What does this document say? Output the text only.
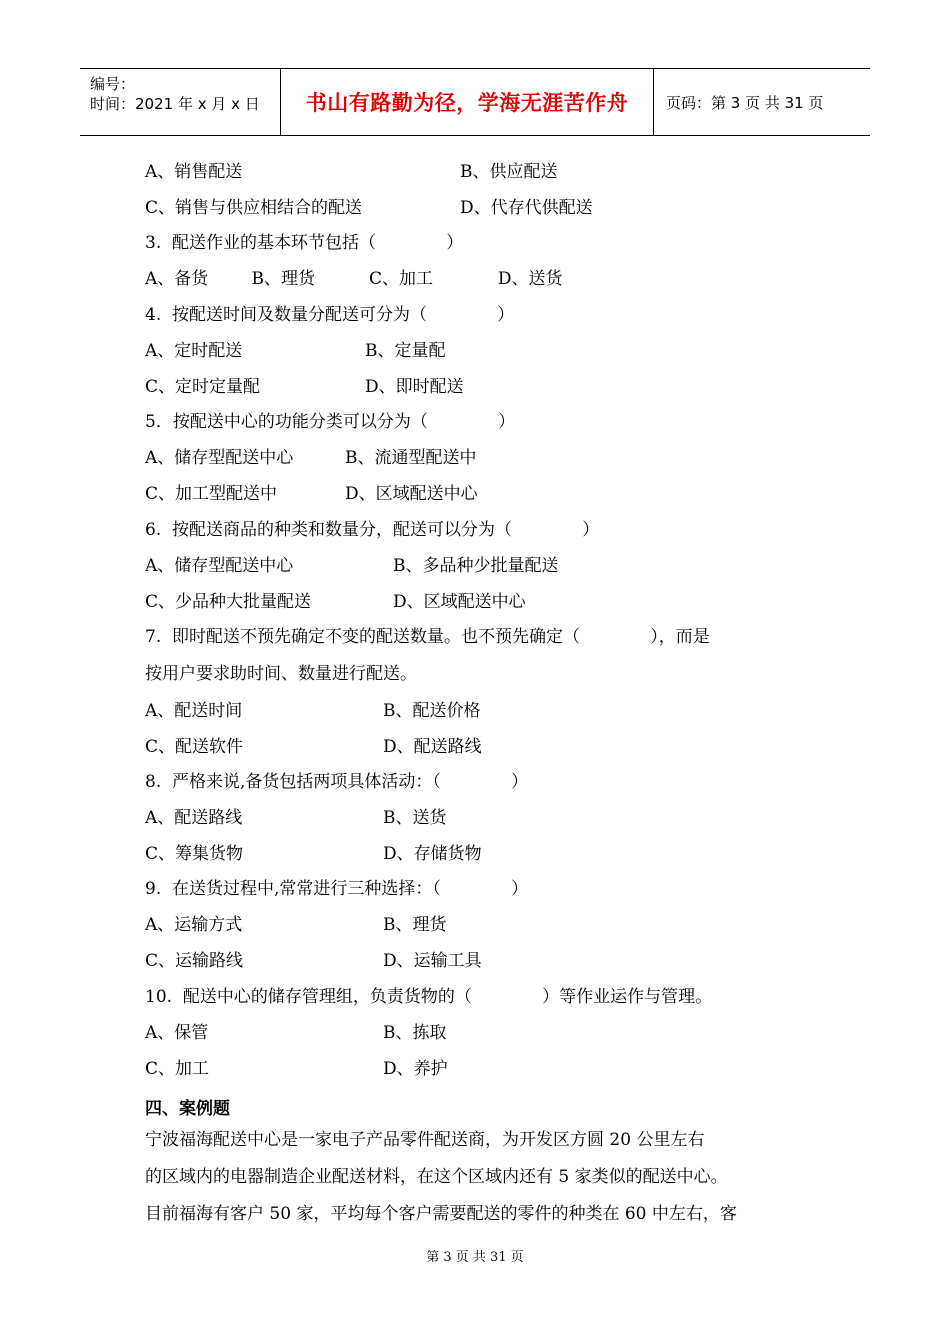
编号：
时间：2021 年 x 月 x 日 书山有路勤为径，学海无涯苦作舟	页码：第 3 页 共 31 页
A、销售配送	B、供应配送
C、销售与供应相结合的配送	D、代存代供配送
3.  配送作业的基本环节包括（             ）
A、备货        B、理货          C、加工            D、送货
4.  按配送时间及数量分配送可分为（             ）
A、定时配送	B、定量配
C、定时定量配	D、即时配送
5．按配送中心的功能分类可以分为（             ）
A、储存型配送中心	B、流通型配送中
C、加工型配送中	D、区域配送中心
6.  按配送商品的种类和数量分，配送可以分为（             ）
A、储存型配送中心	B、多品种少批量配送
C、少品种大批量配送	D、区域配送中心
7.  即时配送不预先确定不变的配送数量。也不预先确定（             ），而是
按用户要求助时间、数量进行配送。
A、配送时间	B、配送价格
C、配送软件	D、配送路线
8.  严格来说,备货包括两项具体活动：（             ）
A、配送路线	B、送货
C、筹集货物	D、存储货物
9.  在送货过程中,常常进行三种选择：（             ）
A、运输方式	B、理货
C、运输路线	D、运输工具
10.  配送中心的储存管理组，负责货物的（             ）等作业运作与管理。
A、保管	B、拣取
C、加工	D、养护
四、案例题
宁波福海配送中心是一家电子产品零件配送商，为开发区方圆 20 公里左右
的区域内的电器制造企业配送材料，在这个区域内还有 5 家类似的配送中心。
目前福海有客户 50 家，平均每个客户需要配送的零件的种类在 60 中左右，客
第 3 页 共 31 页
